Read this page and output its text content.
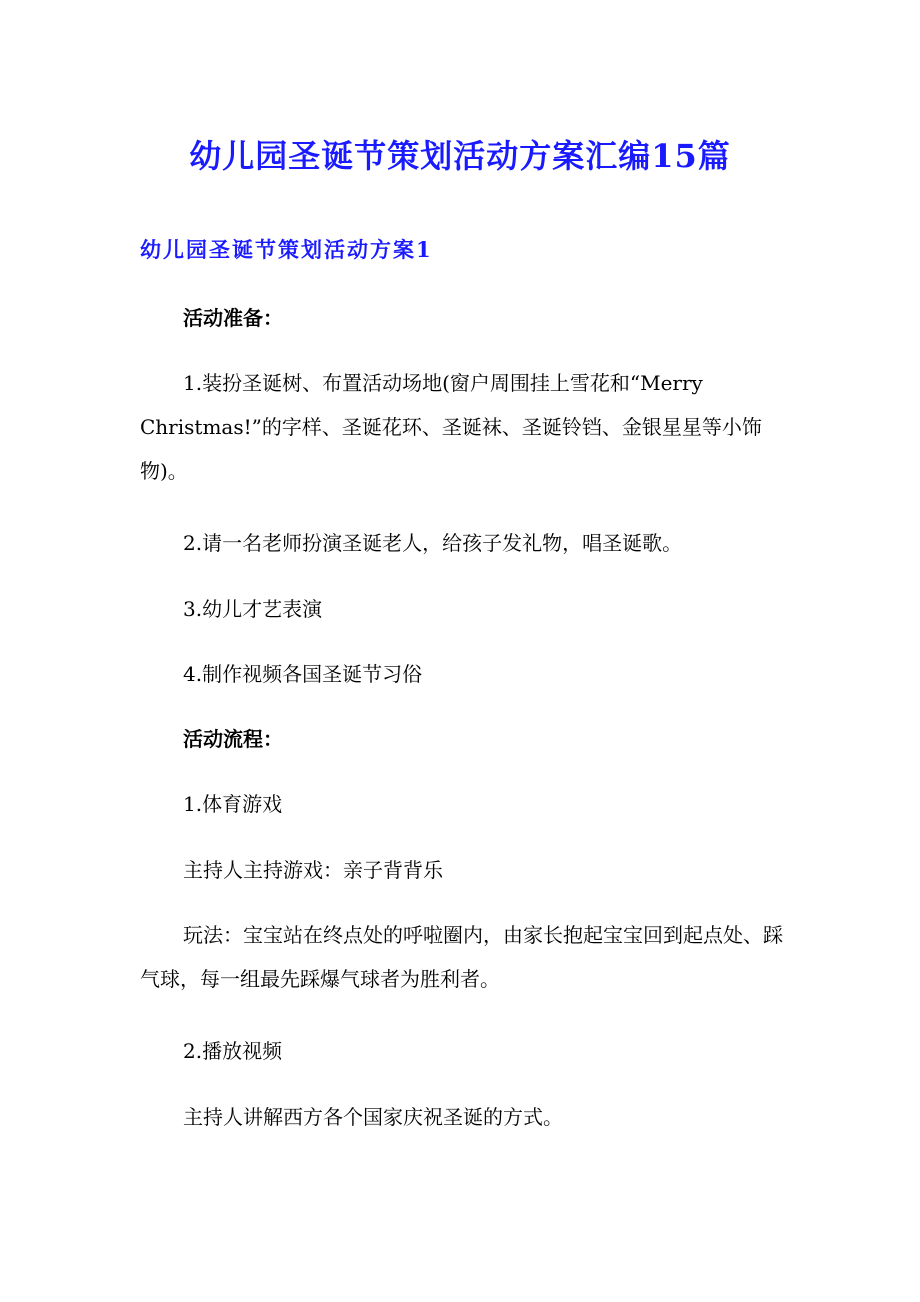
幼儿园圣诞节策划活动方案汇编15篇
幼儿园圣诞节策划活动方案1
活动准备：
1.装扮圣诞树、布置活动场地(窗户周围挂上雪花和“Merry Christmas!”的字样、圣诞花环、圣诞袜、圣诞铃铛、金银星星等小饰物)。
2.请一名老师扮演圣诞老人，给孩子发礼物，唱圣诞歌。
3.幼儿才艺表演
4.制作视频各国圣诞节习俗
活动流程：
1.体育游戏
主持人主持游戏：亲子背背乐
玩法：宝宝站在终点处的呼啦圈内，由家长抱起宝宝回到起点处、踩气球，每一组最先踩爆气球者为胜利者。
2.播放视频
主持人讲解西方各个国家庆祝圣诞的方式。
